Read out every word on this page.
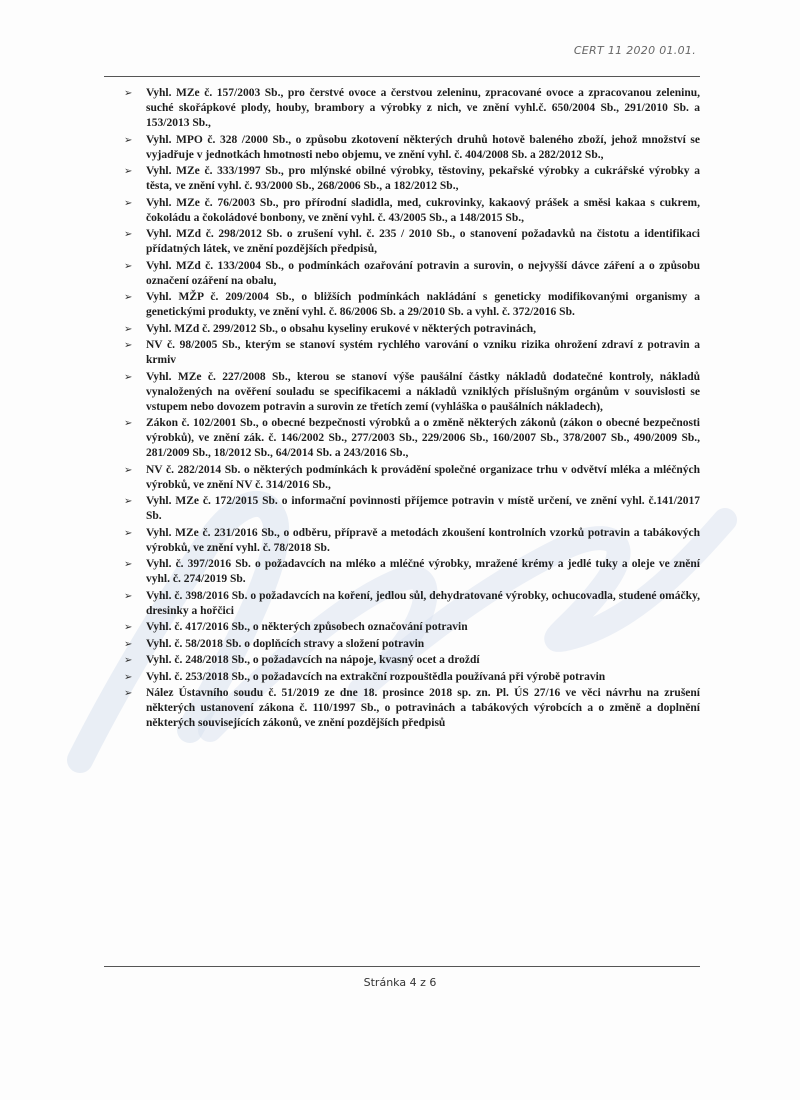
CERT 11 2020 01.01.
➢ Vyhl. MZe č. 157/2003 Sb., pro čerstvé ovoce a čerstvou zeleninu, zpracované ovoce a zpracovanou zeleninu, suché skořápkové plody, houby, brambory a výrobky z nich, ve znění vyhl.č. 650/2004 Sb., 291/2010 Sb. a 153/2013 Sb.,
➢ Vyhl. MPO č. 328 /2000 Sb., o způsobu zkotovení některých druhů hotově baleného zboží, jehož množství se vyjadřuje v jednotkách hmotnosti nebo objemu, ve znění vyhl. č. 404/2008 Sb. a 282/2012 Sb.,
➢ Vyhl. MZe č. 333/1997 Sb., pro mlýnské obilné výrobky, těstoviny, pekařské výrobky a cukrářské výrobky a těsta, ve znění vyhl. č. 93/2000 Sb., 268/2006 Sb., a 182/2012 Sb.,
➢ Vyhl. MZe č. 76/2003 Sb., pro přírodní sladidla, med, cukrovinky, kakaový prášek a směsi kakaa s cukrem, čokoládu a čokoládové bonbony, ve znění vyhl. č. 43/2005 Sb., a 148/2015 Sb.,
➢ Vyhl. MZd č. 298/2012 Sb. o zrušení vyhl. č. 235 / 2010 Sb., o stanovení požadavků na čistotu a identifikaci přídatných látek, ve znění pozdějších předpisů,
➢ Vyhl. MZd č. 133/2004 Sb., o podmínkách ozařování potravin a surovin, o nejvyšší dávce záření a o způsobu označení ozáření na obalu,
➢ Vyhl. MŽP č. 209/2004 Sb., o bližších podmínkách nakládání s geneticky modifikovanými organismy a genetickými produkty, ve znění vyhl. č. 86/2006 Sb. a 29/2010 Sb. a vyhl. č. 372/2016 Sb.
➢ Vyhl. MZd č. 299/2012 Sb., o obsahu kyseliny erukové v některých potravinách,
➢ NV č. 98/2005 Sb., kterým se stanoví systém rychlého varování o vzniku rizika ohrožení zdraví z potravin a krmiv
➢ Vyhl. MZe č. 227/2008 Sb., kterou se stanoví výše paušální částky nákladů dodatečné kontroly, nákladů vynaložených na ověření souladu se specifikacemi a nákladů vzniklých příslušným orgánům v souvislosti se vstupem nebo dovozem potravin a surovin ze třetích zemí (vyhláška o paušálních nákladech),
➢ Zákon č. 102/2001 Sb., o obecné bezpečnosti výrobků a o změně některých zákonů (zákon o obecné bezpečnosti výrobků), ve znění zák. č. 146/2002 Sb., 277/2003 Sb., 229/2006 Sb., 160/2007 Sb., 378/2007 Sb., 490/2009 Sb., 281/2009 Sb., 18/2012 Sb., 64/2014 Sb. a 243/2016 Sb.,
➢ NV č. 282/2014 Sb. o některých podmínkách k provádění společné organizace trhu v odvětví mléka a mléčných výrobků, ve znění NV č. 314/2016 Sb.,
➢ Vyhl. MZe č. 172/2015 Sb. o informační povinnosti příjemce potravin v místě určení, ve znění vyhl. č.141/2017 Sb.
➢ Vyhl. MZe č. 231/2016 Sb., o odběru, přípravě a metodách zkoušení kontrolních vzorků potravin a tabákových výrobků, ve znění vyhl. č. 78/2018 Sb.
➢ Vyhl. č. 397/2016 Sb. o požadavcích na mléko a mléčné výrobky, mražené krémy a jedlé tuky a oleje ve znění vyhl. č. 274/2019 Sb.
➢ Vyhl. č. 398/2016 Sb. o požadavcích na koření, jedlou sůl, dehydratované výrobky, ochucovadla, studené omáčky, dresinky a hořčici
➢ Vyhl. č. 417/2016 Sb., o některých způsobech označování potravin
➢ Vyhl. č. 58/2018 Sb. o doplňcích stravy a složení potravin
➢ Vyhl. č. 248/2018 Sb., o požadavcích na nápoje, kvasný ocet a droždí
➢ Vyhl. č. 253/2018 Sb., o požadavcích na extrakční rozpouštědla používaná při výrobě potravin
➢ Nález Ústavního soudu č. 51/2019 ze dne 18. prosince 2018 sp. zn. Pl. ÚS 27/16 ve věci návrhu na zrušení některých ustanovení zákona č. 110/1997 Sb., o potravinách a tabákových výrobcích a o změně a doplnění některých souvisejících zákonů, ve znění pozdějších předpisů
Stránka 4 z 6
